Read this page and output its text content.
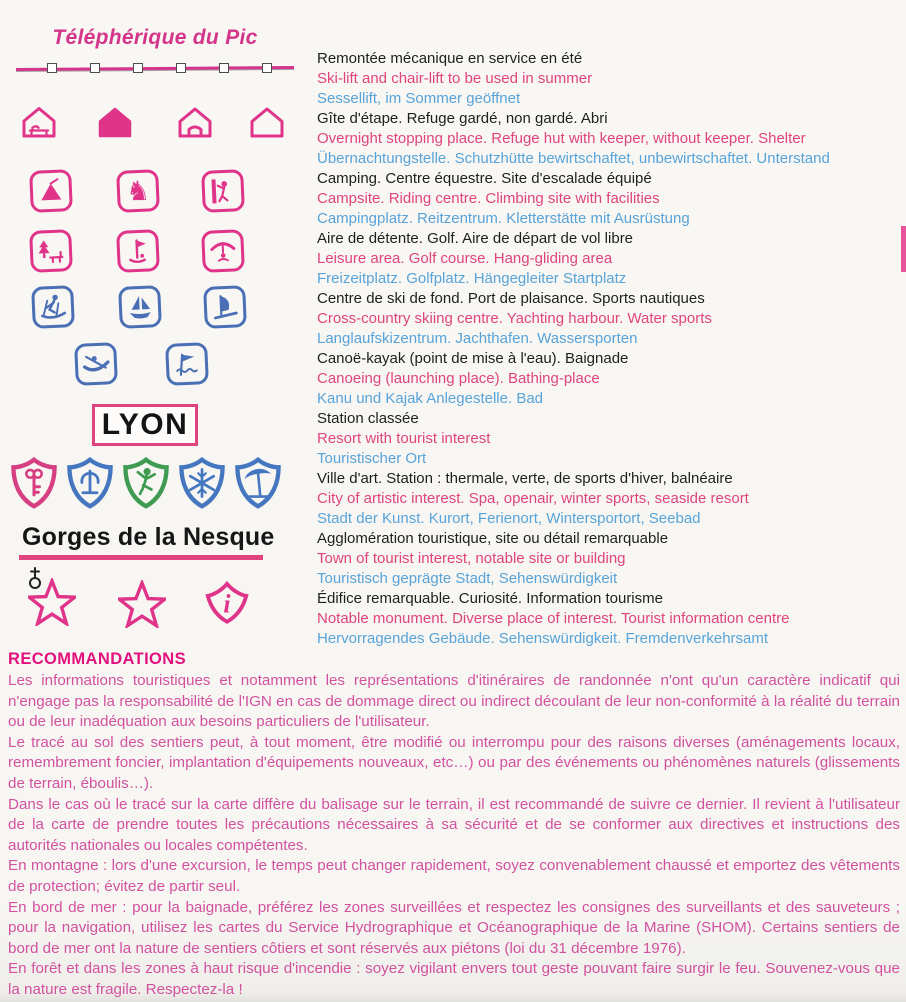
Téléphérique du Pic
♞
LYON
Gorges de la Nesque
i
Remontée mécanique en service en été
Ski-lift and chair-lift to be used in summer
Sessellift, im Sommer geöffnet
Gîte d'étape. Refuge gardé, non gardé. Abri
Overnight stopping place. Refuge hut with keeper, without keeper. Shelter
Übernachtungstelle. Schutzhütte bewirtschaftet, unbewirtschaftet. Unterstand
Camping. Centre équestre. Site d'escalade équipé
Campsite. Riding centre. Climbing site with facilities
Campingplatz. Reitzentrum. Kletterstätte mit Ausrüstung
Aire de détente. Golf. Aire de départ de vol libre
Leisure area. Golf course. Hang-gliding area
Freizeitplatz. Golfplatz. Hängegleiter Startplatz
Centre de ski de fond. Port de plaisance. Sports nautiques
Cross-country skiing centre. Yachting harbour. Water sports
Langlaufskizentrum. Jachthafen. Wassersporten
Canoë-kayak (point de mise à l'eau). Baignade
Canoeing (launching place). Bathing-place
Kanu und Kajak Anlegestelle. Bad
Station classée
Resort with tourist interest
Touristischer Ort
Ville d'art. Station : thermale, verte, de sports d'hiver, balnéaire
City of artistic interest. Spa, openair, winter sports, seaside resort
Stadt der Kunst. Kurort, Ferienort, Wintersportort, Seebad
Agglomération touristique, site ou détail remarquable
Town of tourist interest, notable site or building
Touristisch geprägte Stadt, Sehenswürdigkeit
Édifice remarquable. Curiosité. Information tourisme
Notable monument. Diverse place of interest. Tourist information centre
Hervorragendes Gebäude. Sehenswürdigkeit. Fremdenverkehrsamt
RECOMMANDATIONS

Les informations touristiques et notamment les représentations d'itinéraires de randonnée n'ont qu'un caractère indicatif qui n'engage pas la responsabilité de l'IGN en cas de dommage direct ou indirect découlant de leur non-conformité à la réalité du terrain ou de leur inadéquation aux besoins particuliers de l'utilisateur.

Le tracé au sol des sentiers peut, à tout moment, être modifié ou interrompu pour des raisons diverses (aménagements locaux, remembrement foncier, implantation d'équipements nouveaux, etc…) ou par des événements ou phénomènes naturels (glissements de terrain, éboulis…).

Dans le cas où le tracé sur la carte diffère du balisage sur le terrain, il est recommandé de suivre ce dernier. Il revient à l'utilisateur de la carte de prendre toutes les précautions nécessaires à sa sécurité et de se conformer aux directives et instructions des autorités nationales ou locales compétentes.

En montagne : lors d'une excursion, le temps peut changer rapidement, soyez convenablement chaussé et emportez des vêtements de protection; évitez de partir seul.

En bord de mer : pour la baignade, préférez les zones surveillées et respectez les consignes des surveillants et des sauveteurs ; pour la navigation, utilisez les cartes du Service Hydrographique et Océanographique de la Marine (SHOM). Certains sentiers de bord de mer ont la nature de sentiers côtiers et sont réservés aux piétons (loi du 31 décembre 1976).

En forêt et dans les zones à haut risque d'incendie : soyez vigilant envers tout geste pouvant faire surgir le feu. Souvenez-vous que la nature est fragile. Respectez-la !
